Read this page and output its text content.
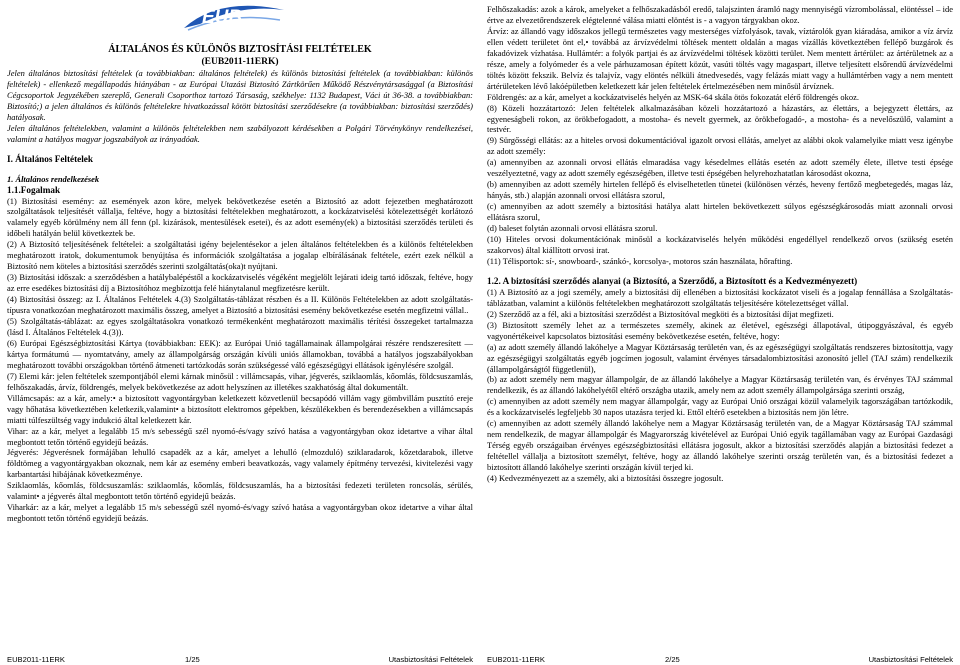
EUB

ÁLTALÁNOS ÉS KÜLÖNÖS BIZTOSÍTÁSI FELTÉTELEK

(EUB2011-11ERK)

Jelen általános biztosítási feltételek (a továbbiakban: általános feltételek) és különös biztosítási feltételek (a továbbiakban: különös feltételek) - ellenkező megállapodás hiányában - az Európai Utazási Biztosító Zártkörűen Működő Részvénytársasággal (a Biztosítási Cégcsoportok Jegyzékében szereplő, Generali Csoporthoz tartozó Társaság, székhelye: 1132 Budapest, Váci út 36-38. a továbbiakban: Biztosító;) a jelen általános és különös feltételekre hivatkozással kötött biztosítási szerződésekre (a továbbiakban: biztosítási szerződés) hatályosak.

Jelen általános feltételekben, valamint a különös feltételekben nem szabályozott kérdésekben a Polgári Törvénykönyv rendelkezései, valamint a hatályos magyar jogszabályok az irányadóak.

I. Általános Feltételek

1. Általános rendelkezések

1.1.Fogalmak

(1) Biztosítási esemény: az események azon köre, melyek bekövetkezése esetén a Biztosító az adott fejezetben meghatározott szolgáltatások teljesítését vállalja, feltéve, hogy a biztosítási feltételekben meghatározott, a kockázatviselési kötelezettségét korlátozó valamely egyéb körülmény nem áll fenn (pl. kizárások, mentesülések esetei), és az adott esemény(ek) a biztosítási szerződés területi és időbeli hatályán belül következtek be.

(2) A Biztosító teljesítésének feltételei: a szolgáltatási igény bejelentésekor a jelen általános feltételekben és a különös feltételekben meghatározott iratok, dokumentumok benyújtása és információk szolgáltatása a jogalap elbírálásának feltétele, ezért ezek nélkül a Biztosító nem köteles a biztosítási szerződés szerinti szolgáltatás(oka)t nyújtani.

(3) Biztosítási időszak: a szerződésben a hatálybalépéstől a kockázatviselés végéként megjelölt lejárati ideig tartó időszak, feltéve, hogy az erre esedékes biztosítási díj a Biztosítóhoz megbízottja felé hiánytalanul megfizetésre került.

(4) Biztosítási összeg: az I. Általános Feltételek 4.(3) Szolgáltatás-táblázat részben és a II. Különös Feltételekben az adott szolgáltatás-típusra vonatkozóan meghatározott maximális összeg, amelyet a Biztosító a biztosítási esemény bekövetkezése esetén megfizetni vállal..

(5) Szolgáltatás-táblázat: az egyes szolgáltatásokra vonatkozó termékenként meghatározott maximális térítési összegeket tartalmazza (lásd I. Általános Feltételek 4.(3)).

(6) Európai Egészségbiztosítási Kártya (továbbiakban: EEK): az Európai Unió tagállamainak állampolgárai részére rendszeresített — kártya formátumú — nyomtatvány, amely az állampolgárság országán kívüli uniós államokban, továbbá a hatályos jogszabályokban meghatározott további országokban történő átmeneti tartózkodás során szükségessé váló egészségügyi ellátások igénylésére szolgál.

(7) Elemi kár: jelen feltételek szempontjából elemi kárnak minősül : villámcsapás, vihar, jégverés, sziklaomlás, kőomlás, földcsuszamlás, felhőszakadás, árvíz, földrengés, melyek bekövetkezése az adott helyszínen az illetékes szakhatóság által dokumentált.

Villámcsapás: az a kár, amely:• a biztosított vagyontárgyban keletkezett közvetlenül becsapódó villám vagy gömbvillám pusztító ereje vagy hőhatása következtében keletkezik,valamint• a biztosított elektromos gépekben, készülékekben és berendezésekben a villámcsapás miatti túlfeszültség vagy indukció által keletkezett kár.

Vihar: az a kár, melyet a legalább 15 m/s sebességű szél nyomó-és/vagy szívó hatása a vagyontárgyban okoz idetartve a vihar által megbontott tetőn történő egyidejű beázás.

Jégverés: Jégverésnek formájában lehulló csapadék az a kár, amelyet a lehulló (elmozduló) sziklaradarok, kőzetdarabok, illetve földtömeg a vagyontárgyakban okoznak, nem kár az esemény emberi beavatkozás, vagy valamely építmény tervezési, kivitelezési vagy karbantartási hibájának következménye.

Sziklaomlás, kőomlás, földcsuszamlás: sziklaomlás, kőomlás, földcsuszamlás, ha a biztosítási fedezeti területen roncsolás, sérülés, valamint• a jégverés által megbontott tetőn történő egyidejű beázás.

Viharkár: az a kár, melyet a legalább 15 m/s sebességű szél nyomó-és/vagy szívó hatása a vagyontárgyban okoz idetartve a vihar által megbontott tetőn történő egyidejű beázás.

EUB2011-11ERK	1/25	Utasbiztosítási Feltételek

Felhőszakadás: azok a károk, amelyeket a felhőszakadásból eredő, talajszinten áramló nagy mennyiségű vízrombolással, elöntéssel – ide értve az elvezetőrendszerek elégtelenné válása miatti elöntést is - a vagyon tárgyakban okoz.

Árvíz: az állandó vagy időszakos jellegű természetes vagy mesterséges vízfolyások, tavak, víztárolók gyan kiáradása, amikor a víz árvíz ellen védett területet önt el,• továbbá az árvízvédelmi töltések mentett oldalán a magas vízállás következtében fellépő buzgárok és fakadóvizek vízhatása. Hullámtér: a folyók partjai és az árvízvédelmi töltések közötti terület. Nem mentett ártérület: az ártérületnek az a része, amely a folyómeder és a vele párhuzamosan épített közút, vasúti töltés vagy magaspart, illetve teljesített elsőrendű árvízvédelmi töltés között fekszik. Belvíz és talajvíz, vagy elöntés nélküli átnedvesedés, vagy felázás miatt vagy a hullámtérben vagy a nem mentett ártérületeken lévő lakóépületben keletkezett kár jelen feltételek értelmezésében nem minősül árvíznek.

Földrengés: az a kár, amelyet a kockázatviselés helyén az MSK-64 skála ötös fokozatát elérő földrengés okoz.

(8) Közeli hozzátartozó: Jelen feltételek alkalmazásában közeli hozzátartozó a házastárs, az élettárs, a bejegyzett élettárs, az egyeneságbeli rokon, az örökbefogadott, a mostoha- és nevelt gyermek, az örökbefogadó-, a mostoha- és a nevelőszülő, valamint a testvér.

(9) Sürgősségi ellátás: az a hiteles orvosi dokumentációval igazolt orvosi ellátás, amelyet az alábbi okok valamelyike miatt vesz igénybe az adott személy:

(a) amennyiben az azonnali orvosi ellátás elmaradása vagy késedelmes ellátás esetén az adott személy élete, illetve testi épsége veszélyeztetné, vagy az adott személy egészségében, illetve testi épségében helyrehozhatatlan károsodást okozna,

(b) amennyiben az adott személy hirtelen fellépő és elviselhetetlen tünetei (különösen vérzés, heveny fertőző megbetegedés, magas láz, hányás, stb.) alapján azonnali orvosi ellátásra szorul,

(c) amennyiben az adott személy a biztosítási hatálya alatt hirtelen bekövetkezett súlyos egészségkárosodás miatt azonnali orvosi ellátásra szorul,

(d) baleset folytán azonnali orvosi ellátásra szorul.

(10) Hiteles orvosi dokumentációnak minősül a kockázatviselés helyén működési engedéllyel rendelkező orvos (szükség esetén szakorvos) által kiállított orvosi irat.

(11) Télisportok: sí-, snowboard-, szánkó-, korcsolya-, motoros szán használata, hőrafting.

1.2. A biztosítási szerződés alanyai (a Biztosító, a Szerződő, a Biztosított és a Kedvezményezett)

(1) A Biztosító az a jogi személy, amely a biztosítási díj ellenében a biztosítási kockázatot viseli és a jogalap fennállása a Szolgáltatás-táblázatban, valamint a különös feltételekben meghatározott szolgáltatás teljesítésére kötelezettséget vállal.

(2) Szerződő az a fél, aki a biztosítási szerződést a Biztosítóval megköti és a biztosítási díjat megfizeti.

(3) Biztosított személy lehet az a természetes személy, akinek az életével, egészségi állapotával, útipoggyászával, és egyéb vagyonértékeivel kapcsolatos biztosítási esemény bekövetkezése esetén, feltéve, hogy:

(a) az adott személy állandó lakóhelye a Magyar Köztársaság területén van, és az egészségügyi szolgáltatás rendszeres biztosítottja, vagy az egészségügyi szolgáltatás egyéb jogcímen jogosult, valamint érvényes társadalombiztosítási azonosító jellel (TAJ szám) rendelkezik (állampolgárságtól függetlenül),

(b) az adott személy nem magyar állampolgár, de az állandó lakóhelye a Magyar Köztársaság területén van, és érvényes TAJ számmal rendelkezik, és az állandó lakóhelyétől eltérő országba utazik, amely nem az adott személy állampolgársága szerinti ország,

(c) amennyiben az adott személy nem magyar állampolgár, vagy az Európai Unió országai közül valamelyik tagországában tartózkodik, és a kockázatviselés legfeljebb 30 napos utazásra terjed ki. Ettől eltérő esetekben a biztosítás nem jön létre.

(c) amennyiben az adott személy állandó lakóhelye nem a Magyar Köztársaság területén van, de a Magyar Köztársaság TAJ számmal nem rendelkezik, de magyar állampolgár és Magyarország kivételével az Európai Unió egyik tagállamában vagy az Európai Gazdasági Térség egyéb országaiban érvényes egészségbiztosítási ellátásra jogosult, akkor a biztosítási szerződés alapján a biztosítási fedezet a feltétellel vállalja a biztosított személyt, feltéve, hogy az állandó lakóhelye szerinti ország területén van, és a biztosítási fedezet a biztosított állandó lakóhelye szerinti országán kívül terjed ki.

(4) Kedvezményezett az a személy, aki a biztosítási összegre jogosult.

EUB2011-11ERK	2/25	Utasbiztosítási Feltételek
